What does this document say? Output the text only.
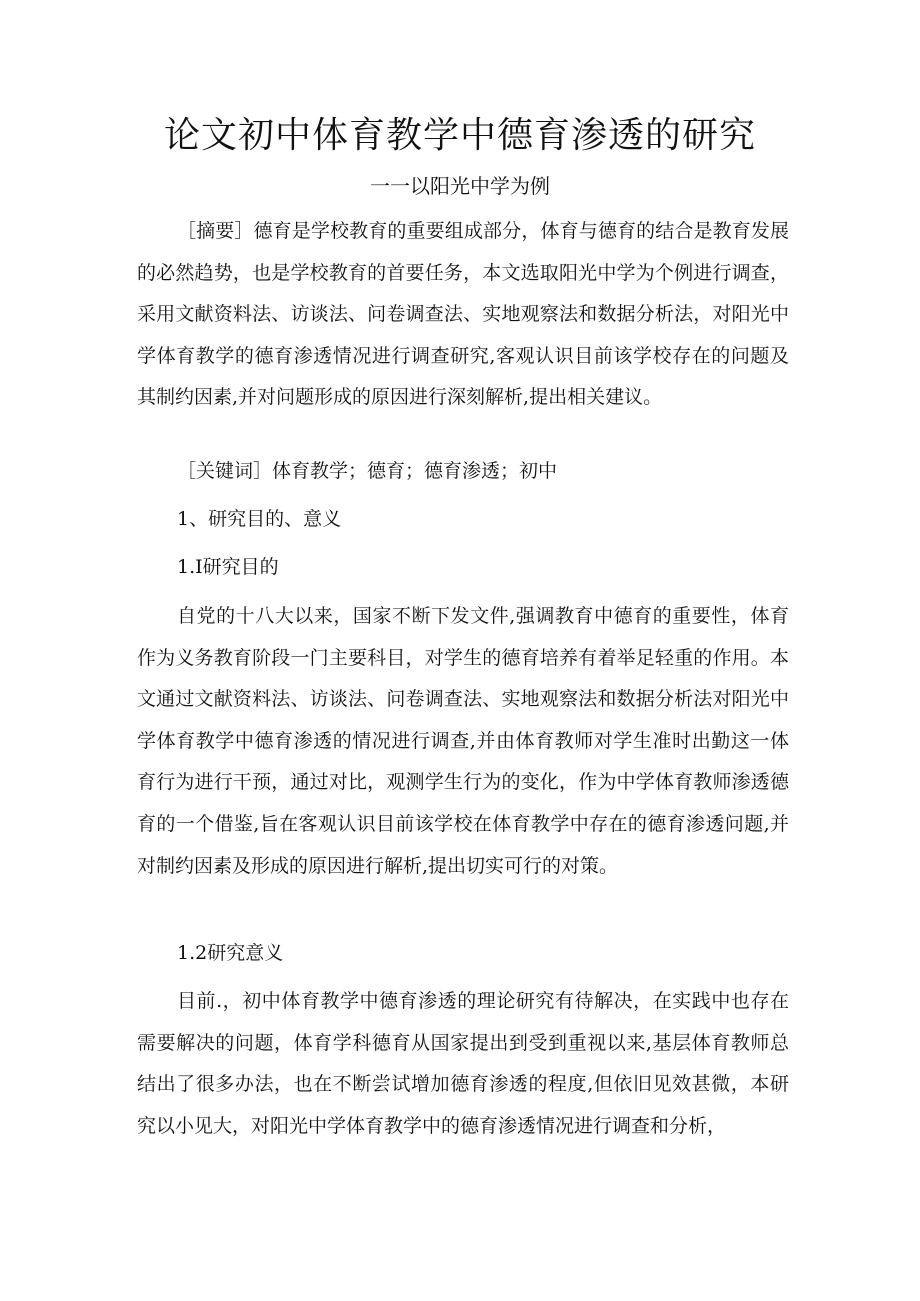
论文初中体育教学中德育渗透的研究
一一以阳光中学为例

［摘要］德育是学校教育的重要组成部分，体育与德育的结合是教育发展的必然趋势，也是学校教育的首要任务，本文选取阳光中学为个例进行调查，采用文献资料法、访谈法、问卷调查法、实地观察法和数据分析法，对阳光中学体育教学的德育渗透情况进行调查研究,客观认识目前该学校存在的问题及其制约因素,并对问题形成的原因进行深刻解析,提出相关建议。

［关键词］体育教学；德育；德育渗透；初中

1、研究目的、意义

1.I研究目的

自党的十八大以来，国家不断下发文件,强调教育中德育的重要性，体育作为义务教育阶段一门主要科目，对学生的德育培养有着举足轻重的作用。本文通过文献资料法、访谈法、问卷调查法、实地观察法和数据分析法对阳光中学体育教学中德育渗透的情况进行调查,并由体育教师对学生准时出勤这一体育行为进行干预，通过对比，观测学生行为的变化，作为中学体育教师渗透德育的一个借鉴,旨在客观认识目前该学校在体育教学中存在的德育渗透问题,并对制约因素及形成的原因进行解析,提出切实可行的对策。

1.2研究意义

目前.，初中体育教学中德育渗透的理论研究有待解决，在实践中也存在需要解决的问题，体育学科德育从国家提出到受到重视以来,基层体育教师总结出了很多办法，也在不断尝试增加德育渗透的程度,但依旧见效甚微，本研究以小见大，对阳光中学体育教学中的德育渗透情况进行调查和分析，
